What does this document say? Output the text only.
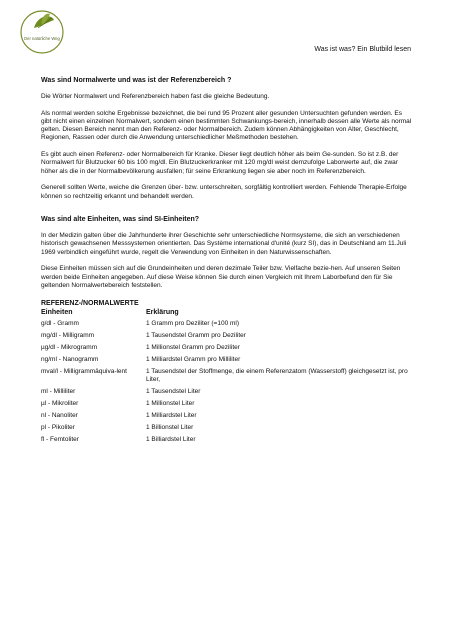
Der natürliche Weg
Was ist was? Ein Blutbild lesen
Was sind Normalwerte und was ist der Referenzbereich ?

Die Wörter Normalwert und Referenzbereich haben fast die gleiche Bedeutung.

Als normal werden solche Ergebnisse bezeichnet, die bei rund 95 Prozent aller gesunden Untersuchten gefunden werden. Es gibt nicht einen einzelnen Normalwert, sondern einen bestimmten Schwankungs-bereich, innerhalb dessen alle Werte als normal gelten. Diesen Bereich nennt man den Referenz- oder Normalbereich. Zudem können Abhängigkeiten von Alter, Geschlecht, Regionen, Rassen oder durch die Anwendung unterschiedlicher Meßmethoden bestehen.

Es gibt auch einen Referenz- oder Normalbereich für Kranke. Dieser liegt deutlich höher als beim Ge-sunden. So ist z.B. der Normalwert für Blutzucker 60 bis 100 mg/dl. Ein Blutzuckerkranker mit 120 mg/dl weist demzufolge Laborwerte auf, die zwar höher als die in der Normalbevölkerung ausfallen; für seine Erkrankung liegen sie aber noch im Referenzbereich.

Generell sollten Werte, weiche die Grenzen über- bzw. unterschreiten, sorgfältig kontrolliert werden. Fehlende Therapie-Erfolge können so rechtzeitig erkannt und behandelt werden.

Was sind alte Einheiten, was sind SI-Einheiten?

In der Medizin galten über die Jahrhunderte ihrer Geschichte sehr unterschiedliche Normsysteme, die sich an verschiedenen historisch gewachsenen Messsystemen orientierten. Das Système international d'unité (kurz SI), das in Deutschland am 11.Juli 1969 verbindlich eingeführt wurde, regelt die Verwendung von Einheiten in den Naturwissenschaften.

Diese Einheiten müssen sich auf die Grundeinheiten und deren dezimale Teiler bzw. Vielfache bezie-hen. Auf unseren Seiten werden beide Einheiten angegeben. Auf diese Weise können Sie durch einen Vergleich mit Ihrem Laborbefund den für Sie geltenden Normalwertebereich feststellen.

REFERENZ-/NORMALWERTE
Einheiten	Erklärung
g/dl - Gramm	1 Gramm pro Deziliter (=100 ml)
mg/dl - Milligramm	1 Tausendstel Gramm pro Deziliter
µg/dl - Mikrogramm	1 Millionstel Gramm pro Deziliter
ng/ml - Nanogramm	1 Milliardstel Gramm pro Milliliter
mval/l - Milligrammäquiva-lent	1 Tausendstel der Stoffmenge, die einem Referenzatom (Wasserstoff) gleichgesetzt ist, pro Liter,
ml - Milliliter	1 Tausendstel Liter
µl - Mikroliter	1 Millionstel Liter
nl - Nanoliter	1 Milliardstel Liter
pl - Pikoliter	1 Billionstel Liter
fl - Femtoliter	1 Billiardstel Liter
